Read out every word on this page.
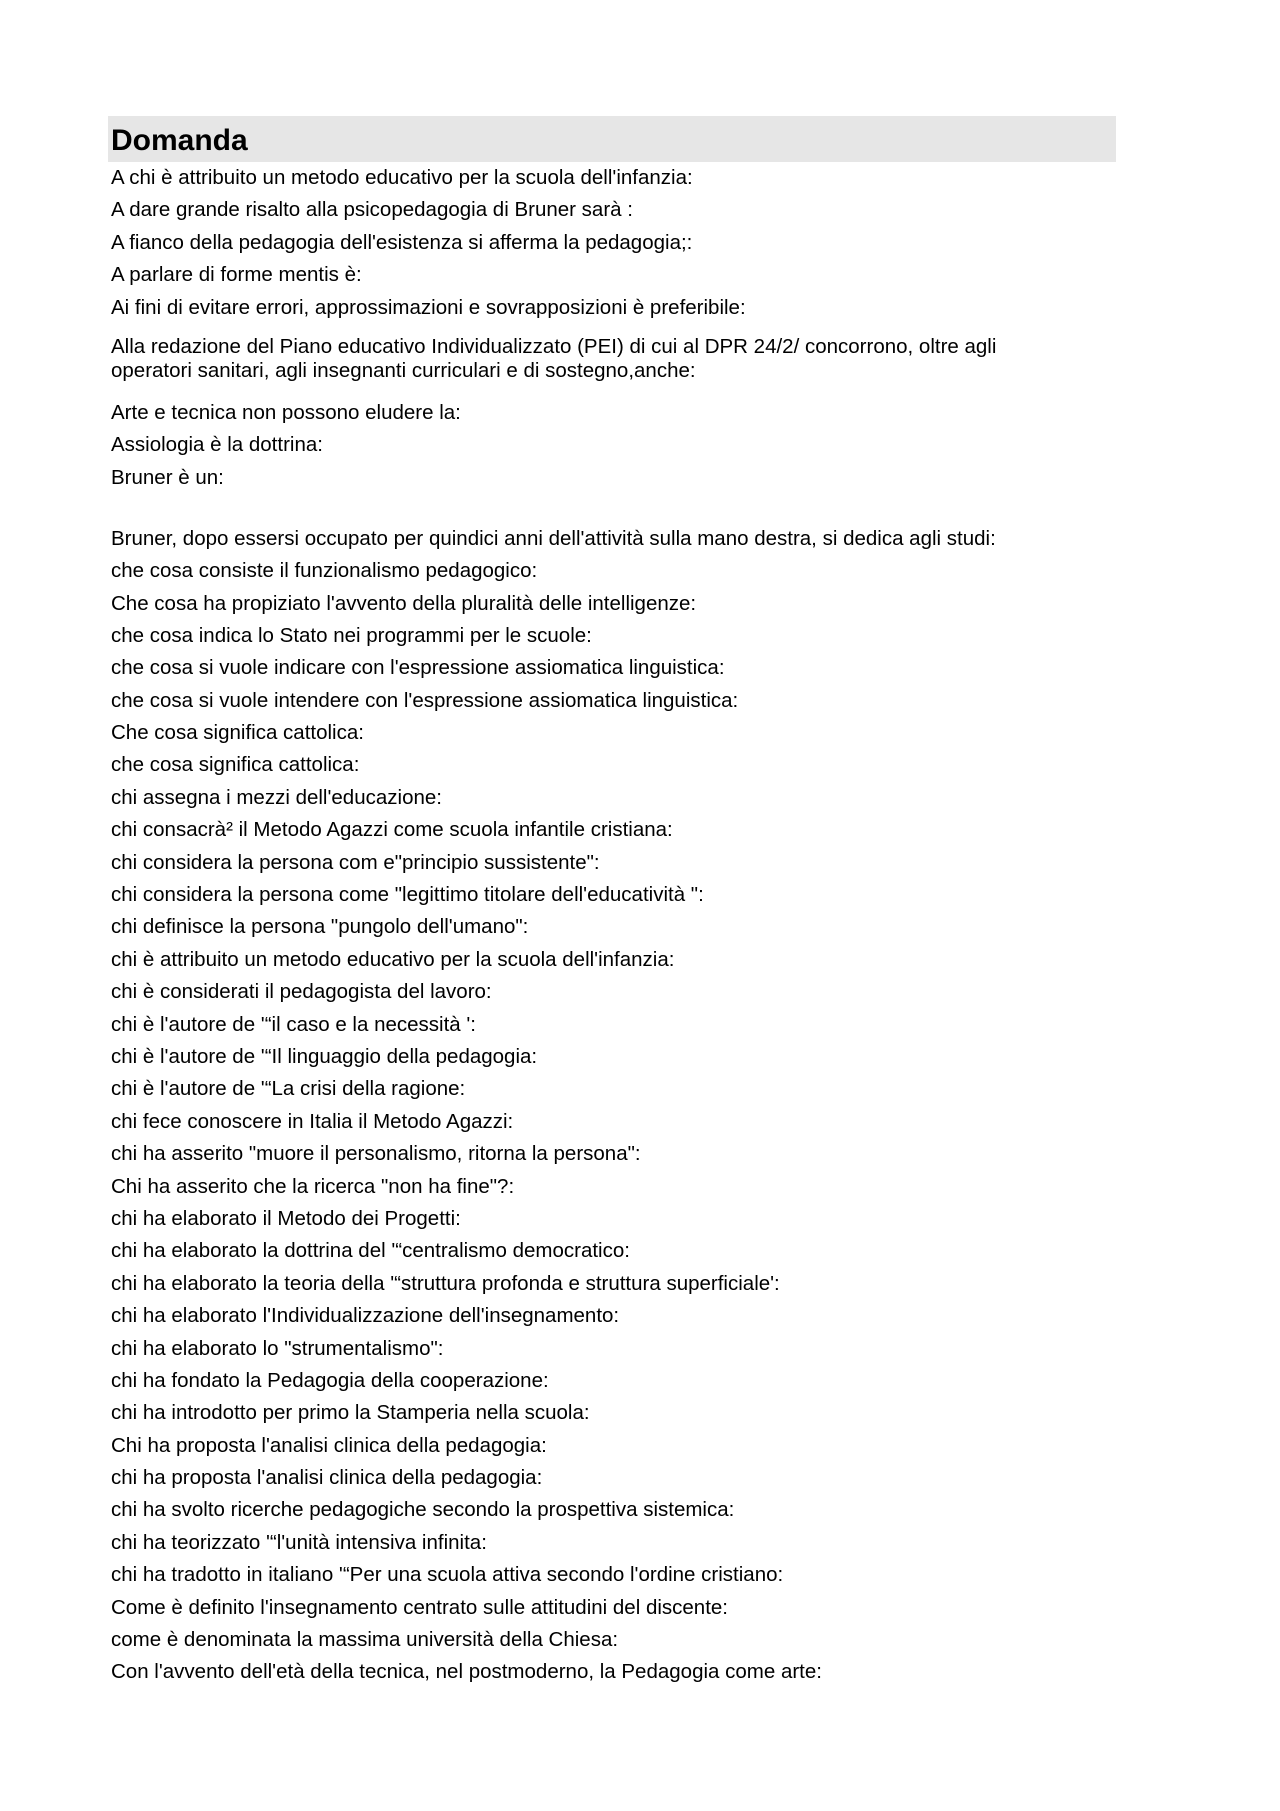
Domanda
A chi è attribuito un metodo educativo per la scuola dell'infanzia:
A dare grande risalto alla psicopedagogia di Bruner sarà :
A fianco della pedagogia dell'esistenza si afferma la pedagogia;:
A parlare di forme mentis è:
Ai fini di evitare errori, approssimazioni e sovrapposizioni è preferibile:
Alla redazione del Piano educativo Individualizzato (PEI) di cui al DPR 24/2/ concorrono, oltre agli operatori sanitari, agli insegnanti curriculari e di sostegno,anche:
Arte e tecnica non possono eludere la:
Assiologia è la dottrina:
Bruner è un:
Bruner, dopo essersi occupato per quindici anni dell'attività sulla mano destra, si dedica agli studi:
che cosa consiste il funzionalismo pedagogico:
Che cosa ha propiziato l'avvento della pluralità delle intelligenze:
che cosa indica lo Stato nei programmi per le scuole:
che cosa si vuole indicare con l'espressione assiomatica linguistica:
che cosa si vuole intendere con l'espressione assiomatica linguistica:
Che cosa significa cattolica:
che cosa significa cattolica:
chi assegna i mezzi dell'educazione:
chi consacrà² il Metodo Agazzi come scuola infantile cristiana:
chi considera la persona com e"principio sussistente":
chi considera la persona come "legittimo titolare dell'educatività ":
chi definisce la persona "pungolo dell'umano":
chi è attribuito un metodo educativo per la scuola dell'infanzia:
chi è considerati il pedagogista del lavoro:
chi è l'autore de '“il caso e la necessità ':
chi è l'autore de '“Il linguaggio della pedagogia:
chi è l'autore de '“La crisi della ragione:
chi fece conoscere in Italia il Metodo Agazzi:
chi ha asserito "muore il personalismo, ritorna la persona":
Chi ha asserito che la ricerca "non ha fine"?:
chi ha elaborato il Metodo dei Progetti:
chi ha elaborato la dottrina del '“centralismo democratico:
chi ha elaborato la teoria della '“struttura profonda e struttura superficiale':
chi ha elaborato l'Individualizzazione dell'insegnamento:
chi ha elaborato lo "strumentalismo":
chi ha fondato la Pedagogia della cooperazione:
chi ha introdotto per primo la Stamperia nella scuola:
Chi ha proposta l'analisi clinica della pedagogia:
chi ha proposta l'analisi clinica della pedagogia:
chi ha svolto ricerche pedagogiche secondo la prospettiva sistemica:
chi ha teorizzato '“l'unità intensiva infinita:
chi ha tradotto in italiano '“Per una scuola attiva secondo l'ordine cristiano:
Come è definito l'insegnamento centrato sulle attitudini del discente:
come è denominata la massima università della Chiesa:
Con l'avvento dell'età della tecnica, nel postmoderno, la Pedagogia come arte:
